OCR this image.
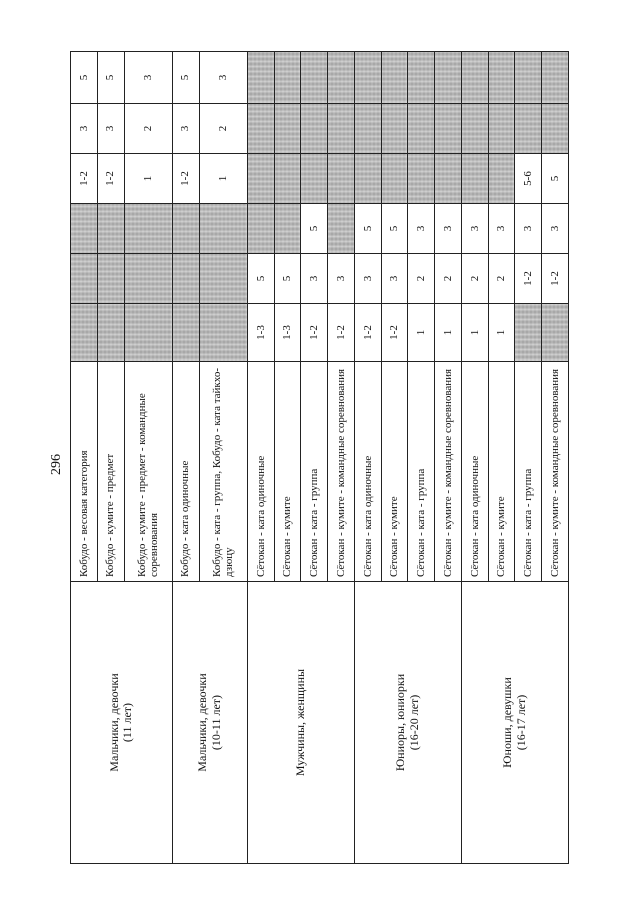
296
Мальчики, девочки (11 лет)	Кобудо - весовая категория				1-2	3	5
	Кобудо - кумите - предмет				1-2	3	5
	Кобудо - кумите - предмет - командные соревнования				1	2	3

Мальчики, девочки (10-11 лет)	Кобудо - ката одиночные				1-2	3	5
	Кобудо - ката - группа, Кобудо - ката тайкхо-дзюцу				1	2	3

Мужчины, женщины	Сётокан - ката одиночные	1-3	5				
	Сётокан - кумите	1-3	5				
	Сётокан - ката - группа	1-2	3	5			
	Сётокан - кумите - командные соревнования	1-2	3				

Юниоры, юниорки (16-20 лет)	Сётокан - ката одиночные	1-2	3	5			
	Сётокан - кумите	1-2	3	5			
	Сётокан - ката - группа	1	2	3			
	Сётокан - кумите - командные соревнования	1	2	3			

Юноши, девушки (16-17 лет)	Сётокан - ката одиночные	1	2	3			
	Сётокан - кумите	1	2	3			
	Сётокан - ката - группа		1-2	3	5-6		
	Сётокан - кумите - командные соревнования		1-2	3	5		
